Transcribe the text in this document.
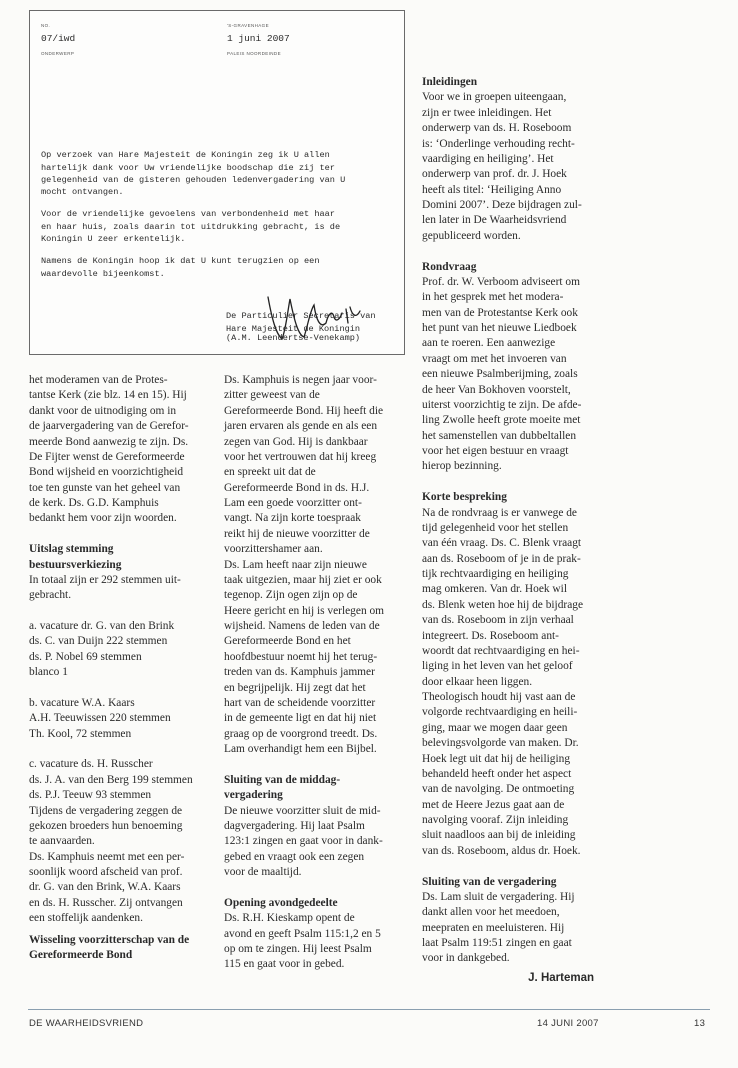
NO.
07/iwd
ONDERWERP
'S-GRAVENHAGE
1 juni 2007
PALEIS NOORDEINDE

Op verzoek van Hare Majesteit de Koningin zeg ik U allen
hartelijk dank voor Uw vriendelijke boodschap die zij ter
gelegenheid van de gisteren gehouden ledenvergadering van U
mocht ontvangen.

Voor de vriendelijke gevoelens van verbondenheid met haar
en haar huis, zoals daarin tot uitdrukking gebracht, is de
Koningin U zeer erkentelijk.

Namens de Koningin hoop ik dat U kunt terugzien op een
waardevolle bijeenkomst.

De Particulier Secretaris van
Hare Majesteit de Koningin

(A.M. Leendertse-Venekamp)

het moderamen van de Protes-

tantse Kerk (zie blz. 14 en 15). Hij

dankt voor de uitnodiging om in

de jaarvergadering van de Gerefor-

meerde Bond aanwezig te zijn. Ds.

De Fijter wenst de Gereformeerde

Bond wijsheid en voorzichtigheid

toe ten gunste van het geheel van

de kerk. Ds. G.D. Kamphuis

bedankt hem voor zijn woorden.

Uitslag stemming

bestuursverkiezing

In totaal zijn er 292 stemmen uit-

gebracht.

a. vacature dr. G. van den Brink

ds. C. van Duijn 222 stemmen

ds. P. Nobel 69 stemmen

blanco 1

b. vacature W.A. Kaars

A.H. Teeuwissen 220 stemmen

Th. Kool, 72 stemmen

c. vacature ds. H. Russcher

ds. J. A. van den Berg 199 stemmen

ds. P.J. Teeuw 93 stemmen

Tijdens de vergadering zeggen de

gekozen broeders hun benoeming

te aanvaarden.

Ds. Kamphuis neemt met een per-

soonlijk woord afscheid van prof.

dr. G. van den Brink, W.A. Kaars

en ds. H. Russcher. Zij ontvangen

een stoffelijk aandenken.

Wisseling voorzitterschap van de

Gereformeerde Bond

Ds. Kamphuis is negen jaar voor-

zitter geweest van de

Gereformeerde Bond. Hij heeft die

jaren ervaren als gende en als een

zegen van God. Hij is dankbaar

voor het vertrouwen dat hij kreeg

en spreekt uit dat de

Gereformeerde Bond in ds. H.J.

Lam een goede voorzitter ont-

vangt. Na zijn korte toespraak

reikt hij de nieuwe voorzitter de

voorzittershamer aan.

Ds. Lam heeft naar zijn nieuwe

taak uitgezien, maar hij ziet er ook

tegenop. Zijn ogen zijn op de

Heere gericht en hij is verlegen om

wijsheid. Namens de leden van de

Gereformeerde Bond en het

hoofdbestuur noemt hij het terug-

treden van ds. Kamphuis jammer

en begrijpelijk. Hij zegt dat het

hart van de scheidende voorzitter

in de gemeente ligt en dat hij niet

graag op de voorgrond treedt. Ds.

Lam overhandigt hem een Bijbel.

Sluiting van de middag-

vergadering

De nieuwe voorzitter sluit de mid-

dagvergadering. Hij laat Psalm

123:1 zingen en gaat voor in dank-

gebed en vraagt ook een zegen

voor de maaltijd.

Opening avondgedeelte

Ds. R.H. Kieskamp opent de

avond en geeft Psalm 115:1,2 en 5

op om te zingen. Hij leest Psalm

115 en gaat voor in gebed.

Inleidingen

Voor we in groepen uiteengaan,

zijn er twee inleidingen. Het

onderwerp van ds. H. Roseboom

is: ‘Onderlinge verhouding recht-

vaardiging en heiliging’. Het

onderwerp van prof. dr. J. Hoek

heeft als titel: ‘Heiliging Anno

Domini 2007’. Deze bijdragen zul-

len later in De Waarheidsvriend

gepubliceerd worden.

Rondvraag

Prof. dr. W. Verboom adviseert om

in het gesprek met het modera-

men van de Protestantse Kerk ook

het punt van het nieuwe Liedboek

aan te roeren. Een aanwezige

vraagt om met het invoeren van

een nieuwe Psalmberijming, zoals

de heer Van Bokhoven voorstelt,

uiterst voorzichtig te zijn. De afde-

ling Zwolle heeft grote moeite met

het samenstellen van dubbeltallen

voor het eigen bestuur en vraagt

hierop bezinning.

Korte bespreking

Na de rondvraag is er vanwege de

tijd gelegenheid voor het stellen

van één vraag. Ds. C. Blenk vraagt

aan ds. Roseboom of je in de prak-

tijk rechtvaardiging en heiliging

mag omkeren. Van dr. Hoek wil

ds. Blenk weten hoe hij de bijdrage

van ds. Roseboom in zijn verhaal

integreert. Ds. Roseboom ant-

woordt dat rechtvaardiging en hei-

liging in het leven van het geloof

door elkaar heen liggen.

Theologisch houdt hij vast aan de

volgorde rechtvaardiging en heili-

ging, maar we mogen daar geen

belevingsvolgorde van maken. Dr.

Hoek legt uit dat hij de heiliging

behandeld heeft onder het aspect

van de navolging. De ontmoeting

met de Heere Jezus gaat aan de

navolging vooraf. Zijn inleiding

sluit naadloos aan bij de inleiding

van ds. Roseboom, aldus dr. Hoek.

Sluiting van de vergadering

Ds. Lam sluit de vergadering. Hij

dankt allen voor het meedoen,

meepraten en meeluisteren. Hij

laat Psalm 119:51 zingen en gaat

voor in dankgebed.

J. Harteman
DE WAARHEIDSVRIEND	14 JUNI 2007	13
